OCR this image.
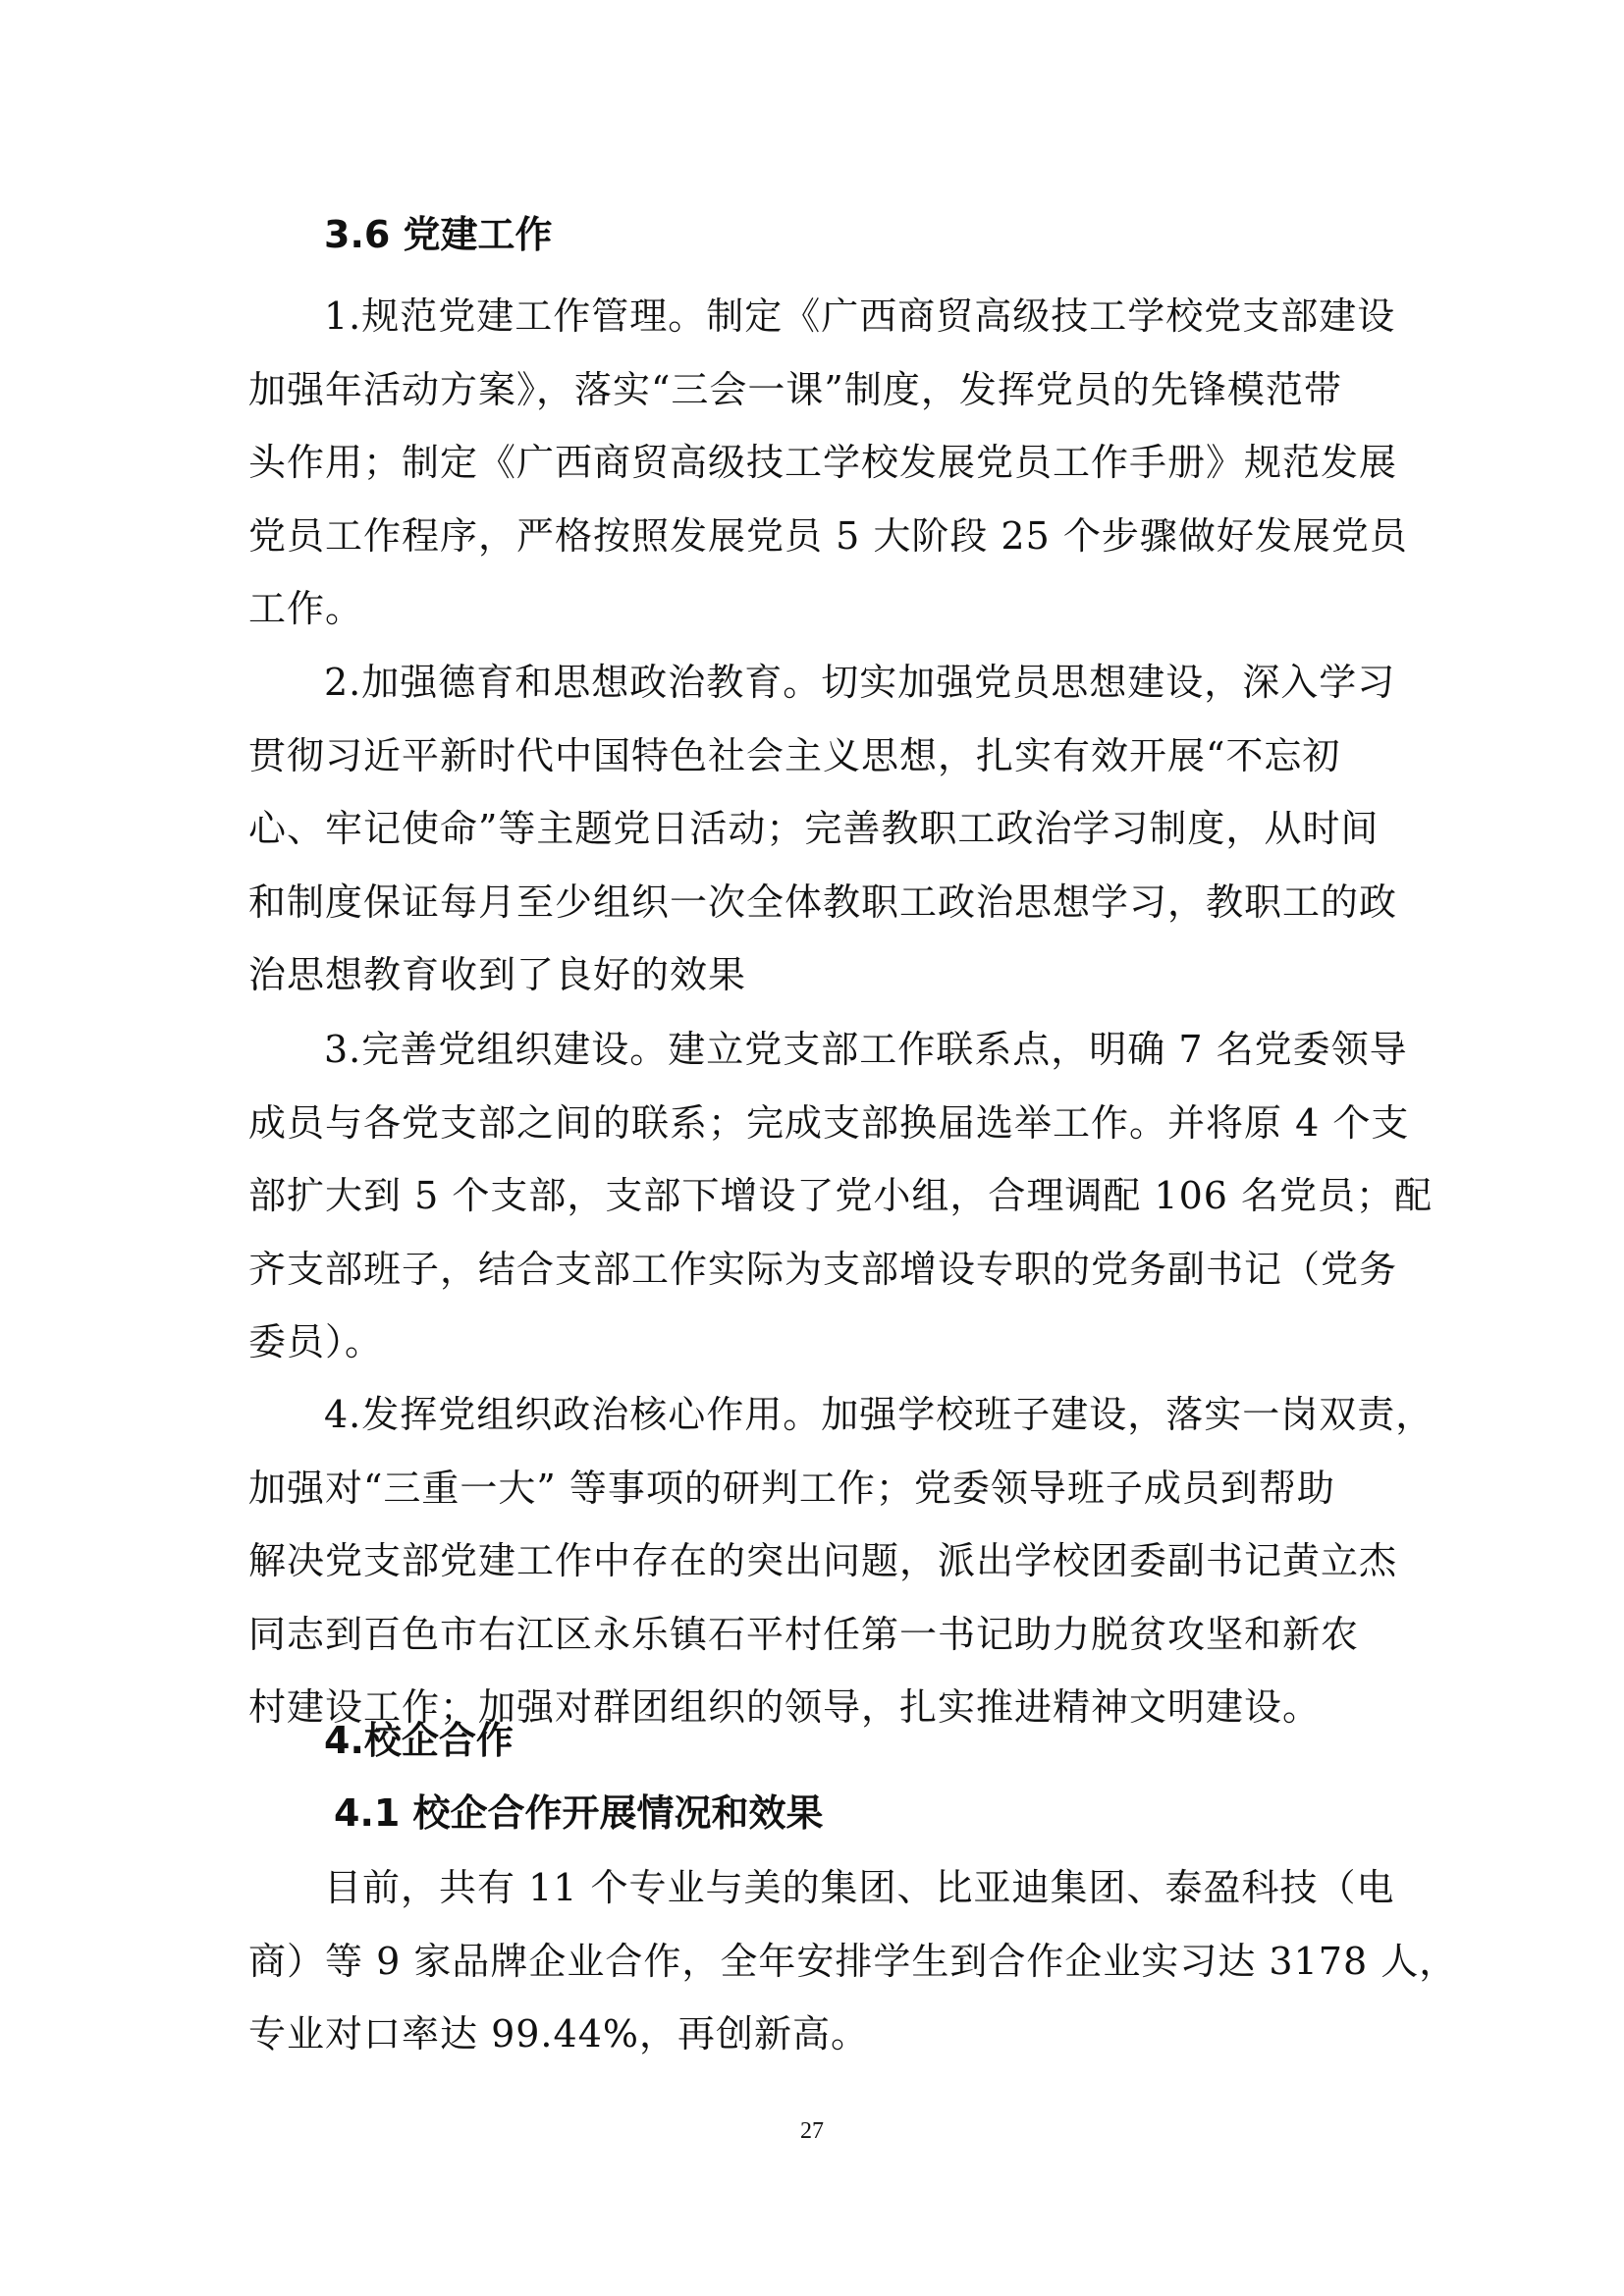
3.6 党建工作
1.规范党建工作管理。制定《广西商贸高级技工学校党支部建设
加强年活动方案》，落实“三会一课”制度，发挥党员的先锋模范带
头作用；制定《广西商贸高级技工学校发展党员工作手册》规范发展
党员工作程序，严格按照发展党员 5 大阶段 25 个步骤做好发展党员
工作。
2.加强德育和思想政治教育。切实加强党员思想建设，深入学习
贯彻习近平新时代中国特色社会主义思想，扎实有效开展“不忘初
心、牢记使命”等主题党日活动；完善教职工政治学习制度，从时间
和制度保证每月至少组织一次全体教职工政治思想学习，教职工的政
治思想教育收到了良好的效果
3.完善党组织建设。建立党支部工作联系点，明确 7 名党委领导
成员与各党支部之间的联系；完成支部换届选举工作。并将原 4 个支
部扩大到 5 个支部，支部下增设了党小组，合理调配 106 名党员；配
齐支部班子，结合支部工作实际为支部增设专职的党务副书记（党务
委员）。
4.发挥党组织政治核心作用。加强学校班子建设，落实一岗双责，
加强对“三重一大” 等事项的研判工作；党委领导班子成员到帮助
解决党支部党建工作中存在的突出问题，派出学校团委副书记黄立杰
同志到百色市右江区永乐镇石平村任第一书记助力脱贫攻坚和新农
村建设工作；加强对群团组织的领导，扎实推进精神文明建设。
4.校企合作
4.1 校企合作开展情况和效果
目前，共有 11 个专业与美的集团、比亚迪集团、泰盈科技（电
商）等 9 家品牌企业合作，全年安排学生到合作企业实习达 3178 人，
专业对口率达 99.44%，再创新高。
27
